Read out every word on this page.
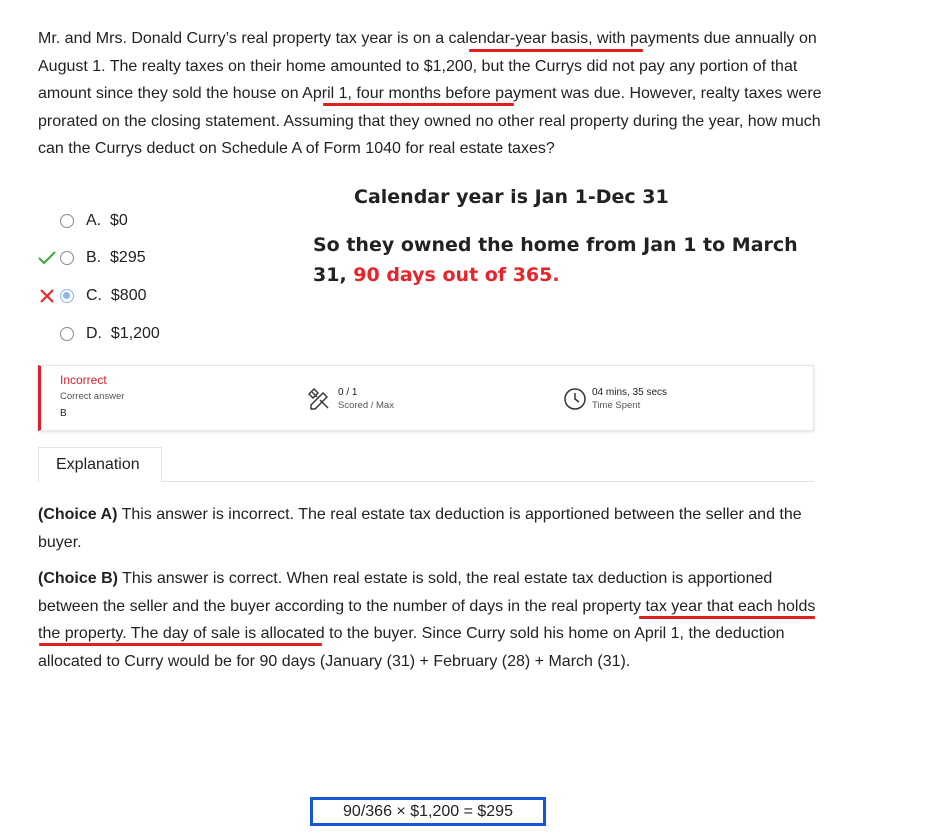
Mr. and Mrs. Donald Curry’s real property tax year is on a calendar-year basis, with payments due annually on August 1. The realty taxes on their home amounted to $1,200, but the Currys did not pay any portion of that amount since they sold the house on April 1, four months before payment was due. However, realty taxes were prorated on the closing statement. Assuming that they owned no other real property during the year, how much can the Currys deduct on Schedule A of Form 1040 for real estate taxes?
Calendar year is Jan 1-Dec 31
So they owned the home from Jan 1 to March 31, 90 days out of 365.
A.
$0
B.
$295
C.
$800
D.
$1,200
Incorrect
Correct answer
B
0 / 1
Scored / Max
04 mins, 35 secs
Time Spent
Explanation
(Choice A) This answer is incorrect. The real estate tax deduction is apportioned between the seller and the buyer.
(Choice B) This answer is correct. When real estate is sold, the real estate tax deduction is apportioned between the seller and the buyer according to the number of days in the real property tax year that each holds the property. The day of sale is allocated to the buyer. Since Curry sold his home on April 1, the deduction allocated to Curry would be for 90 days (January (31) + February (28) + March (31).
90/366 × $1,200 = $295
